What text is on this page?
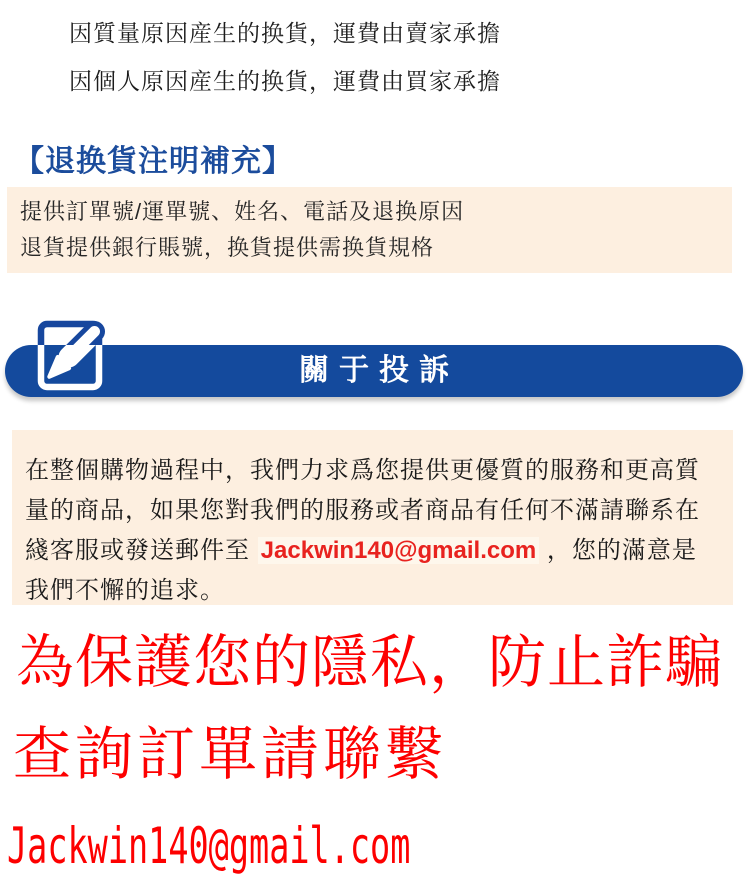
因質量原因産生的换貨，運費由賣家承擔
因個人原因産生的换貨，運費由買家承擔
【退换貨注明補充】

提供訂單號/運單號、姓名、電話及退换原因

退貨提供銀行賬號，换貨提供需换貨規格

關于投訴

在整個購物過程中，我們力求爲您提供更優質的服務和更高質量的商品，如果您對我們的服務或者商品有任何不滿請聯系在綫客服或發送郵件至 Jackwin140@gmail.com ，您的滿意是我們不懈的追求。

為保護您的隱私，防止詐騙
查詢訂單請聯繫
Jackwin140@gmail.com
